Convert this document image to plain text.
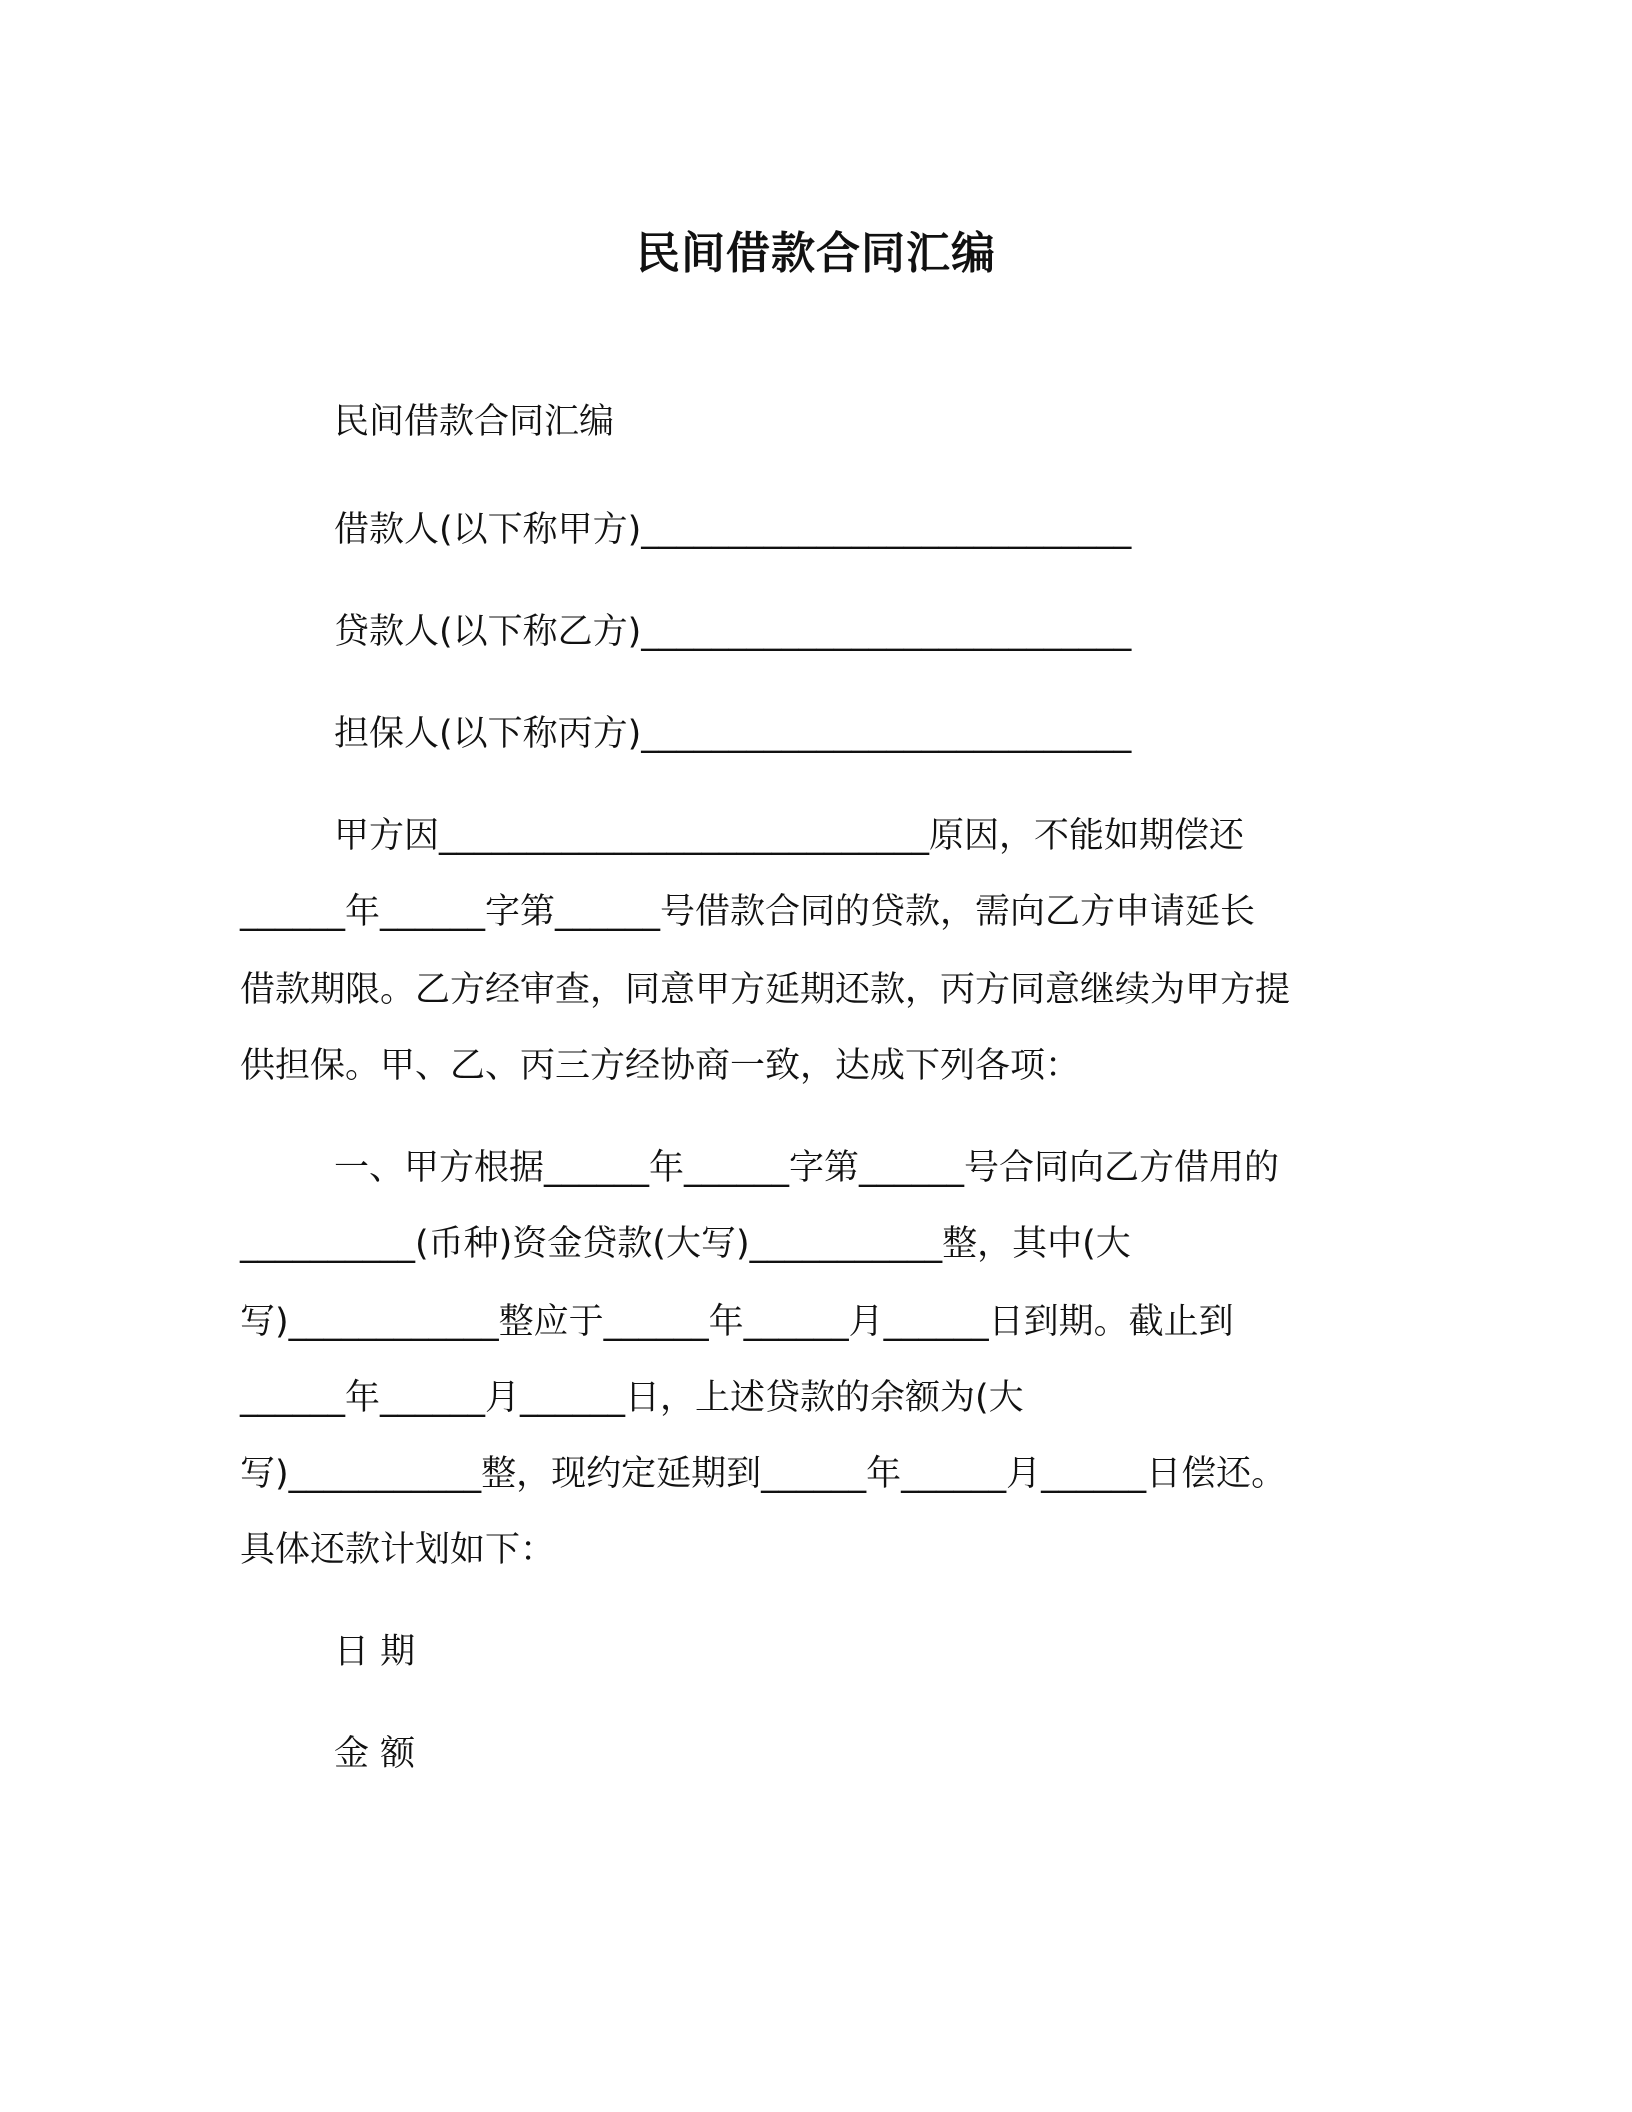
民间借款合同汇编
民间借款合同汇编
借款人(以下称甲方)____________________________
贷款人(以下称乙方)____________________________
担保人(以下称丙方)____________________________
甲方因____________________________原因，不能如期偿还
______年______字第______号借款合同的贷款，需向乙方申请延长
借款期限。乙方经审查，同意甲方延期还款，丙方同意继续为甲方提
供担保。甲、乙、丙三方经协商一致，达成下列各项：
一、甲方根据______年______字第______号合同向乙方借用的
__________(币种)资金贷款(大写)___________整，其中(大
写)____________整应于______年______月______日到期。截止到
______年______月______日，上述贷款的余额为(大
写)___________整，现约定延期到______年______月______日偿还。
具体还款计划如下：
日 期
金 额
